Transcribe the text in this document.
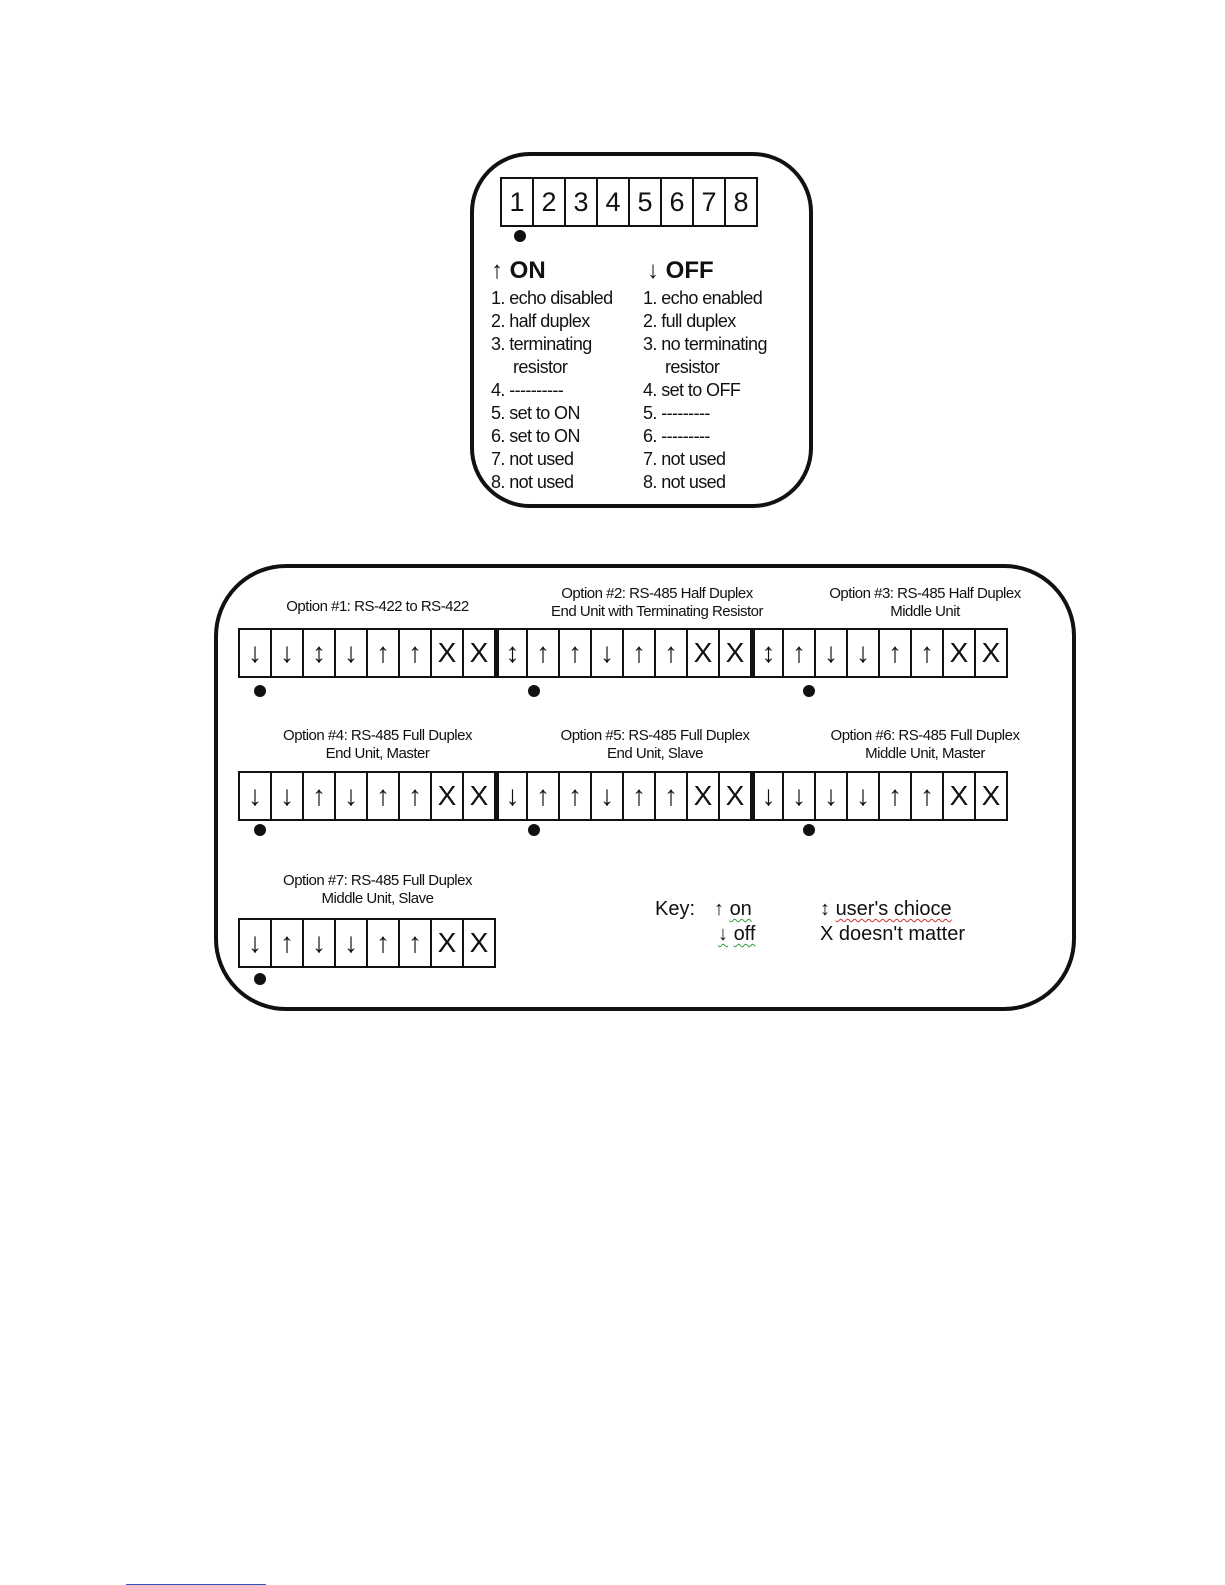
1 2 3 4 5 6 7 8
↑ ON	↓ OFF
1. echo disabled
2. half duplex
3. terminating
resistor
4. ----------
5. set to ON
6. set to ON
7. not used
8. not used
1. echo enabled
2. full duplex
3. no terminating
resistor
4. set to OFF
5. ---------
6. ---------
7. not used
8. not used
Option #1: RS-422 to RS-422
Option #2: RS-485 Half Duplex
End Unit with Terminating Resistor
Option #3: RS-485 Half Duplex
Middle Unit
Option #4: RS-485 Full Duplex
End Unit, Master
Option #5: RS-485 Full Duplex
End Unit, Slave
Option #6: RS-485 Full Duplex
Middle Unit, Master
Option #7: RS-485 Full Duplex
Middle Unit, Slave
↓ ↓ ↕ ↓ ↑ ↑ X X ↕ ↑ ↑ ↓ ↑ ↑ X X ↕ ↑ ↓ ↓ ↑ ↑ X X
↓ ↓ ↑ ↓ ↑ ↑ X X ↓ ↑ ↑ ↓ ↑ ↑ X X ↓ ↓ ↓ ↓ ↑ ↑ X X
↓ ↑ ↓ ↓ ↑ ↑ X X
Key: ↑ on
↓ off
↕ user's chioce
X doesn't matter
